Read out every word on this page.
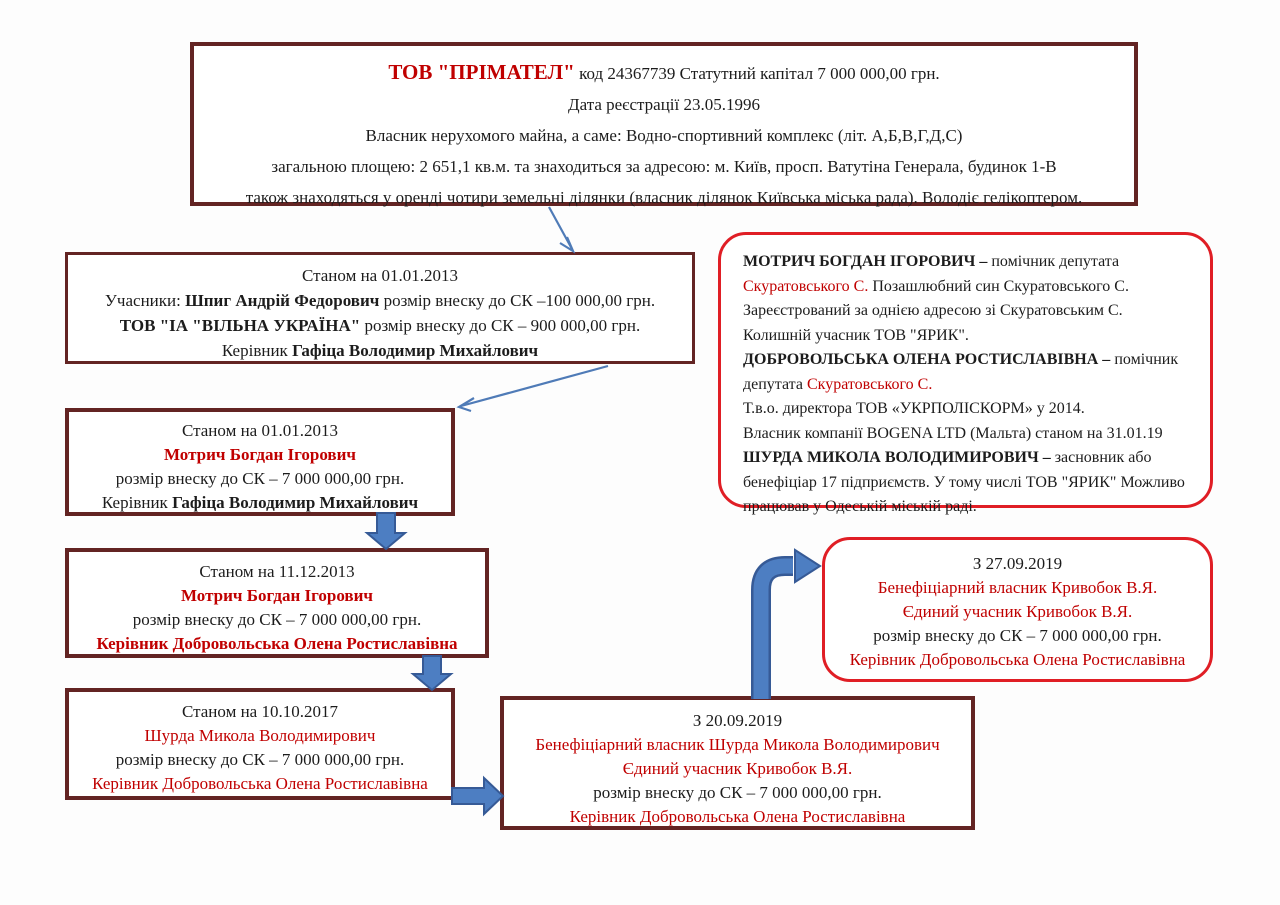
ТОВ "ПРІМАТЕЛ" код 24367739 Статутний капітал 7 000 000,00 грн.
Дата реєстрації 23.05.1996
Власник нерухомого майна, а саме: Водно-спортивний комплекс (літ. А,Б,В,Г,Д,С)
загальною площею: 2 651,1 кв.м. та знаходиться за адресою: м. Київ, просп. Ватутіна Генерала, будинок 1-В
також знаходяться у оренді чотири земельні ділянки (власник ділянок Київська міська рада). Володіє гелікоптером.
Станом на 01.01.2013
Учасники: Шпиг Андрій Федорович розмір внеску до СК –100 000,00 грн.
ТОВ "ІА "ВІЛЬНА УКРАЇНА" розмір внеску до СК – 900 000,00 грн.
Керівник Гафіца Володимир Михайлович
Станом на 01.01.2013
Мотрич Богдан Ігорович
розмір внеску до СК – 7 000 000,00 грн.
Керівник Гафіца Володимир Михайлович
Станом на 11.12.2013
Мотрич Богдан Ігорович
розмір внеску до СК – 7 000 000,00 грн.
Керівник Добровольська Олена Ростиславівна
Станом на 10.10.2017
Шурда Микола Володимирович
розмір внеску до СК – 7 000 000,00 грн.
Керівник Добровольська Олена Ростиславівна
З 20.09.2019
Бенефіціарний власник Шурда Микола Володимирович
Єдиний учасник Кривобок В.Я.
розмір внеску до СК – 7 000 000,00 грн.
Керівник Добровольська Олена Ростиславівна
З 27.09.2019
Бенефіціарний власник Кривобок В.Я.
Єдиний учасник Кривобок В.Я.
розмір внеску до СК – 7 000 000,00 грн.
Керівник Добровольська Олена Ростиславівна
МОТРИЧ БОГДАН ІГОРОВИЧ – помічник депутата
Скуратовського С. Позашлюбний син Скуратовського С.
Зареєстрований за однією адресою зі Скуратовським С.
Колишній учасник ТОВ "ЯРИК".
ДОБРОВОЛЬСЬКА ОЛЕНА РОСТИСЛАВІВНА – помічник
депутата Скуратовського С.
Т.в.о. директора ТОВ «УКРПОЛІСКОРМ» у 2014.
Власник компанії BOGENA LTD (Мальта) станом на 31.01.19
ШУРДА МИКОЛА ВОЛОДИМИРОВИЧ – засновник або
бенефіціар 17 підприємств. У тому числі ТОВ "ЯРИК" Можливо
працював у Одеській міській раді.
